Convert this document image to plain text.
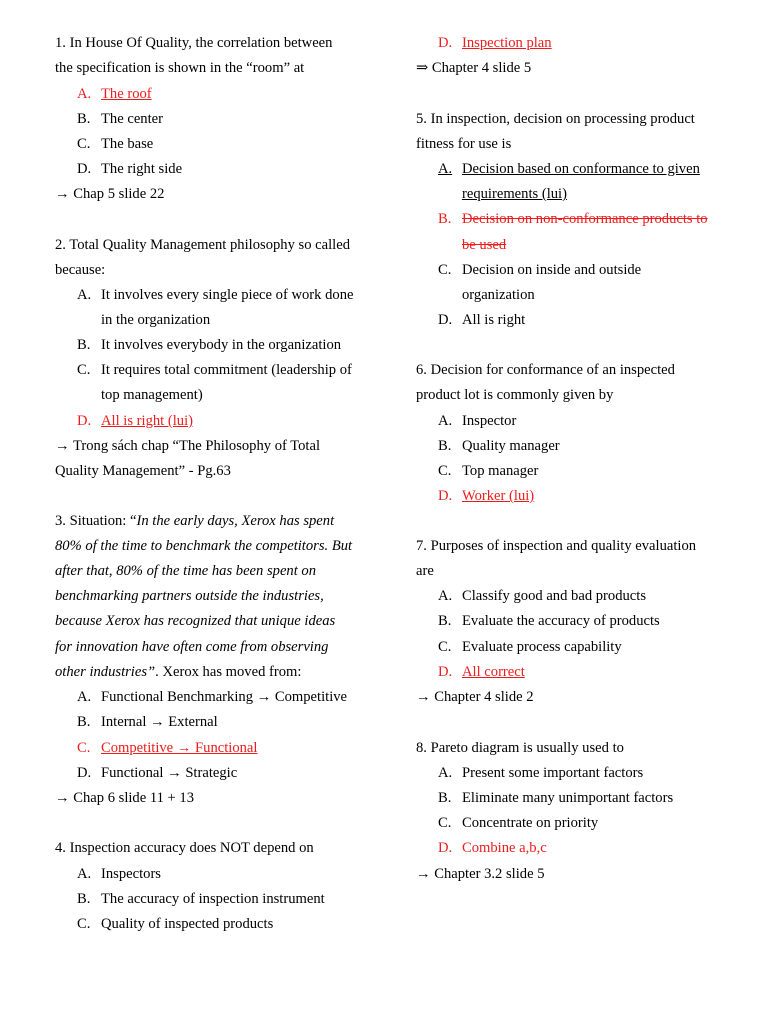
1. In House Of Quality, the correlation between
the specification is shown in the “room” at
A. The roof
B. The center
C. The base
D. The right side
→ Chap 5 slide 22
2. Total Quality Management philosophy so called
because:
A. It involves every single piece of work done
in the organization
B. It involves everybody in the organization
C. It requires total commitment (leadership of
top management)
D. All is right (lui)
→ Trong sách chap “The Philosophy of Total
Quality Management” - Pg.63
3. Situation: “In the early days, Xerox has spent
80% of the time to benchmark the competitors. But
after that, 80% of the time has been spent on
benchmarking partners outside the industries,
because Xerox has recognized that unique ideas
for innovation have often come from observing
other industries”. Xerox has moved from:
A. Functional Benchmarking → Competitive
B. Internal → External
C. Competitive → Functional
D. Functional → Strategic
→ Chap 6 slide 11 + 13
4. Inspection accuracy does NOT depend on
A. Inspectors
B. The accuracy of inspection instrument
C. Quality of inspected products
D. Inspection plan
⇒ Chapter 4 slide 5
5. In inspection, decision on processing product
fitness for use is
A. Decision based on conformance to given
requirements (lui)
B. Decision on non-conformance products to
be used
C. Decision on inside and outside
organization
D. All is right
6. Decision for conformance of an inspected
product lot is commonly given by
A. Inspector
B. Quality manager
C. Top manager
D. Worker (lui)
7. Purposes of inspection and quality evaluation
are
A. Classify good and bad products
B. Evaluate the accuracy of products
C. Evaluate process capability
D. All correct
→ Chapter 4 slide 2
8. Pareto diagram is usually used to
A. Present some important factors
B. Eliminate many unimportant factors
C. Concentrate on priority
D. Combine a,b,c
→ Chapter 3.2 slide 5
